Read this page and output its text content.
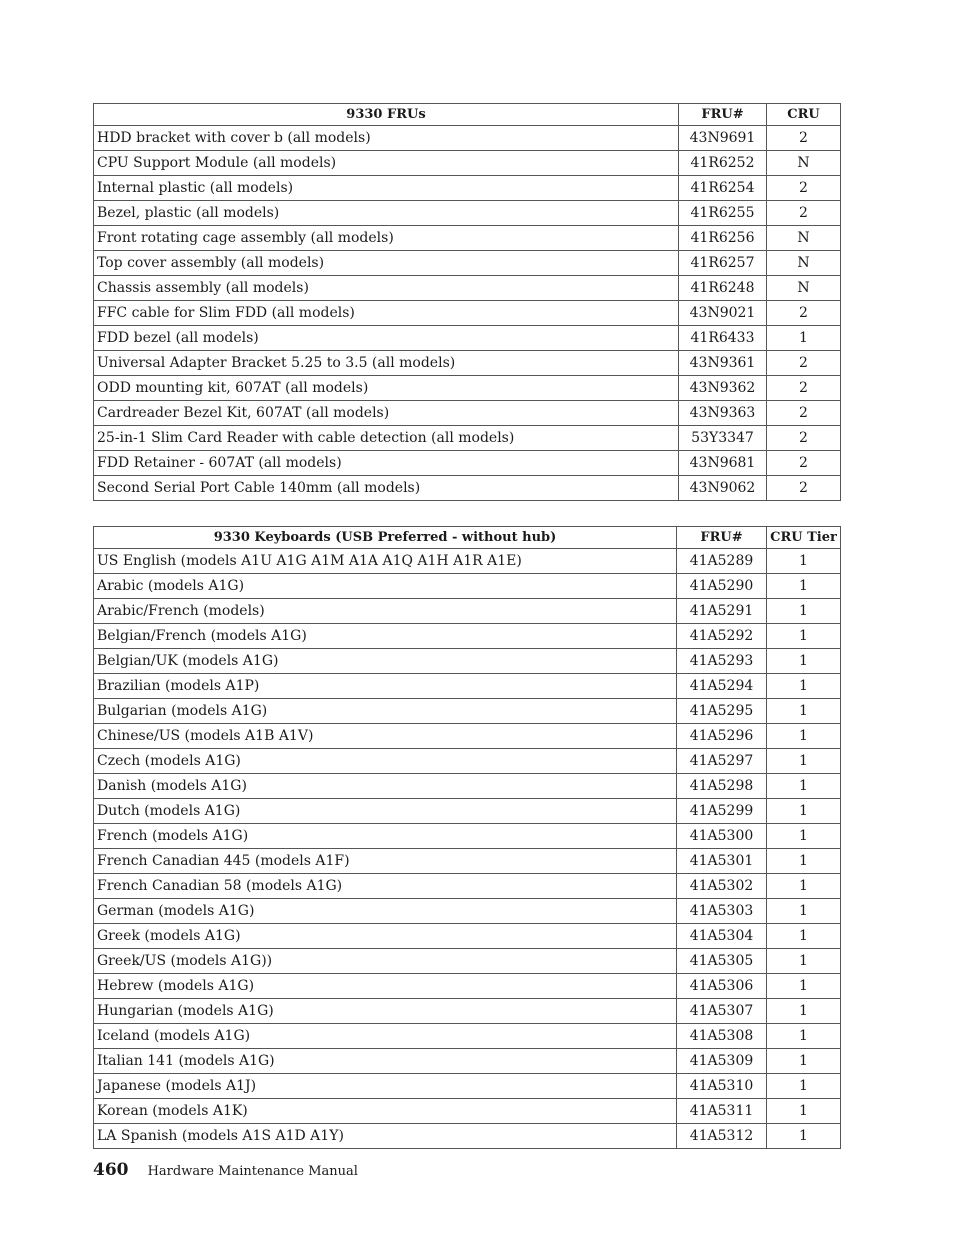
9330 FRUs	FRU#	CRU
HDD bracket with cover b (all models)	43N9691	2
CPU Support Module (all models)	41R6252	N
Internal plastic (all models)	41R6254	2
Bezel, plastic (all models)	41R6255	2
Front rotating cage assembly (all models)	41R6256	N
Top cover assembly (all models)	41R6257	N
Chassis assembly (all models)	41R6248	N
FFC cable for Slim FDD (all models)	43N9021	2
FDD bezel (all models)	41R6433	1
Universal Adapter Bracket 5.25 to 3.5 (all models)	43N9361	2
ODD mounting kit, 607AT (all models)	43N9362	2
Cardreader Bezel Kit, 607AT (all models)	43N9363	2
25-in-1 Slim Card Reader with cable detection (all models)	53Y3347	2
FDD Retainer - 607AT (all models)	43N9681	2
Second Serial Port Cable 140mm (all models)	43N9062	2
9330 Keyboards (USB Preferred - without hub)	FRU#	CRU Tier
US English (models A1U A1G A1M A1A A1Q A1H A1R A1E)	41A5289	1
Arabic (models A1G)	41A5290	1
Arabic/French (models)	41A5291	1
Belgian/French (models A1G)	41A5292	1
Belgian/UK (models A1G)	41A5293	1
Brazilian (models A1P)	41A5294	1
Bulgarian (models A1G)	41A5295	1
Chinese/US (models A1B A1V)	41A5296	1
Czech (models A1G)	41A5297	1
Danish (models A1G)	41A5298	1
Dutch (models A1G)	41A5299	1
French (models A1G)	41A5300	1
French Canadian 445 (models A1F)	41A5301	1
French Canadian 58 (models A1G)	41A5302	1
German (models A1G)	41A5303	1
Greek (models A1G)	41A5304	1
Greek/US (models A1G))	41A5305	1
Hebrew (models A1G)	41A5306	1
Hungarian (models A1G)	41A5307	1
Iceland (models A1G)	41A5308	1
Italian 141 (models A1G)	41A5309	1
Japanese (models A1J)	41A5310	1
Korean (models A1K)	41A5311	1
LA Spanish (models A1S A1D A1Y)	41A5312	1
460 Hardware Maintenance Manual
